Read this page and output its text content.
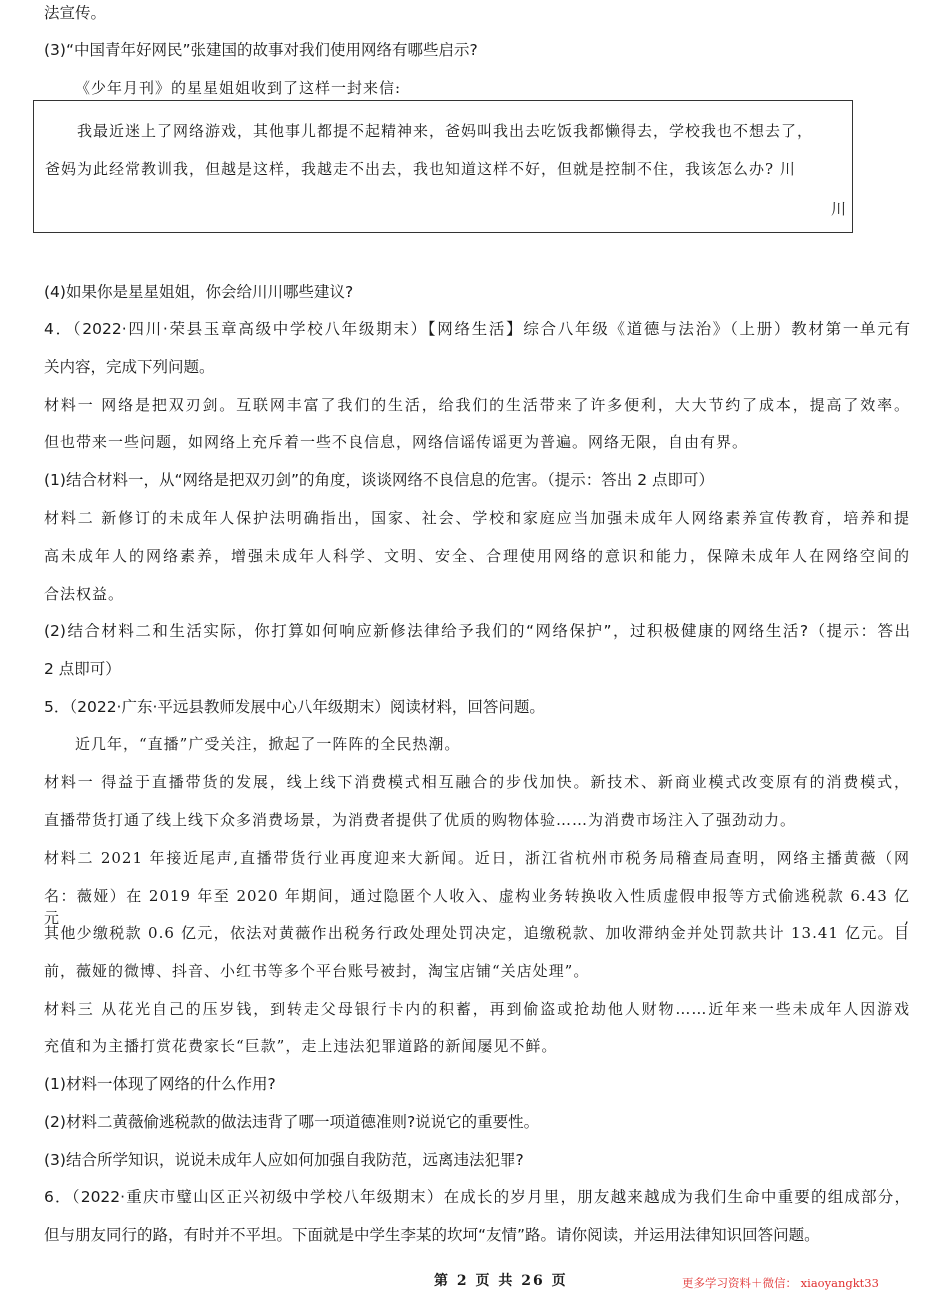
法宣传。
(3)“中国青年好网民”张建国的故事对我们使用网络有哪些启示?
《少年月刊》的星星姐姐收到了这样一封来信:
我最近迷上了网络游戏，其他事儿都提不起精神来，爸妈叫我出去吃饭我都懒得去，学校我也不想去了，
爸妈为此经常教训我，但越是这样，我越走不出去，我也知道这样不好，但就是控制不住，我该怎么办? 川
川
(4)如果你是星星姐姐，你会给川川哪些建议?
4．（2022·四川·荣县玉章高级中学校八年级期末）【网络生活】综合八年级《道德与法治》（上册）教材第一单元有
关内容，完成下列问题。
材料一 网络是把双刃剑。互联网丰富了我们的生活，给我们的生活带来了许多便利，大大节约了成本，提高了效率。
但也带来一些问题，如网络上充斥着一些不良信息，网络信谣传谣更为普遍。网络无限，自由有界。
(1)结合材料一，从“网络是把双刃剑”的角度，谈谈网络不良信息的危害。（提示：答出 2 点即可）
材料二 新修订的未成年人保护法明确指出，国家、社会、学校和家庭应当加强未成年人网络素养宣传教育，培养和提
高未成年人的网络素养，增强未成年人科学、文明、安全、合理使用网络的意识和能力，保障未成年人在网络空间的
合法权益。
(2)结合材料二和生活实际，你打算如何响应新修法律给予我们的“网络保护”，过积极健康的网络生活?（提示：答出
2 点即可）
5．（2022·广东·平远县教师发展中心八年级期末）阅读材料，回答问题。
近几年，“直播”广受关注，掀起了一阵阵的全民热潮。
材料一 得益于直播带货的发展，线上线下消费模式相互融合的步伐加快。新技术、新商业模式改变原有的消费模式，
直播带货打通了线上线下众多消费场景，为消费者提供了优质的购物体验……为消费市场注入了强劲动力。
材料二 2021 年接近尾声,直播带货行业再度迎来大新闻。近日，浙江省杭州市税务局稽查局查明，网络主播黄薇（网
名：薇娅）在 2019 年至 2020 年期间，通过隐匿个人收入、虚构业务转换收入性质虚假申报等方式偷逃税款 6.43 亿元,
其他少缴税款 0.6 亿元，依法对黄薇作出税务行政处理处罚决定，追缴税款、加收滞纳金并处罚款共计 13.41 亿元。目
前，薇娅的微博、抖音、小红书等多个平台账号被封，淘宝店铺“关店处理”。
材料三 从花光自己的压岁钱，到转走父母银行卡内的积蓄，再到偷盗或抢劫他人财物……近年来一些未成年人因游戏
充值和为主播打赏花费家长“巨款”，走上违法犯罪道路的新闻屡见不鲜。
(1)材料一体现了网络的什么作用?
(2)材料二黄薇偷逃税款的做法违背了哪一项道德准则?说说它的重要性。
(3)结合所学知识，说说未成年人应如何加强自我防范，远离违法犯罪?
6．（2022·重庆市璧山区正兴初级中学校八年级期末）在成长的岁月里，朋友越来越成为我们生命中重要的组成部分，
但与朋友同行的路，有时并不平坦。下面就是中学生李某的坎坷“友情”路。请你阅读，并运用法律知识回答问题。
第 2 页 共 26 页	更多学习资料＋微信： xiaoyangkt33
